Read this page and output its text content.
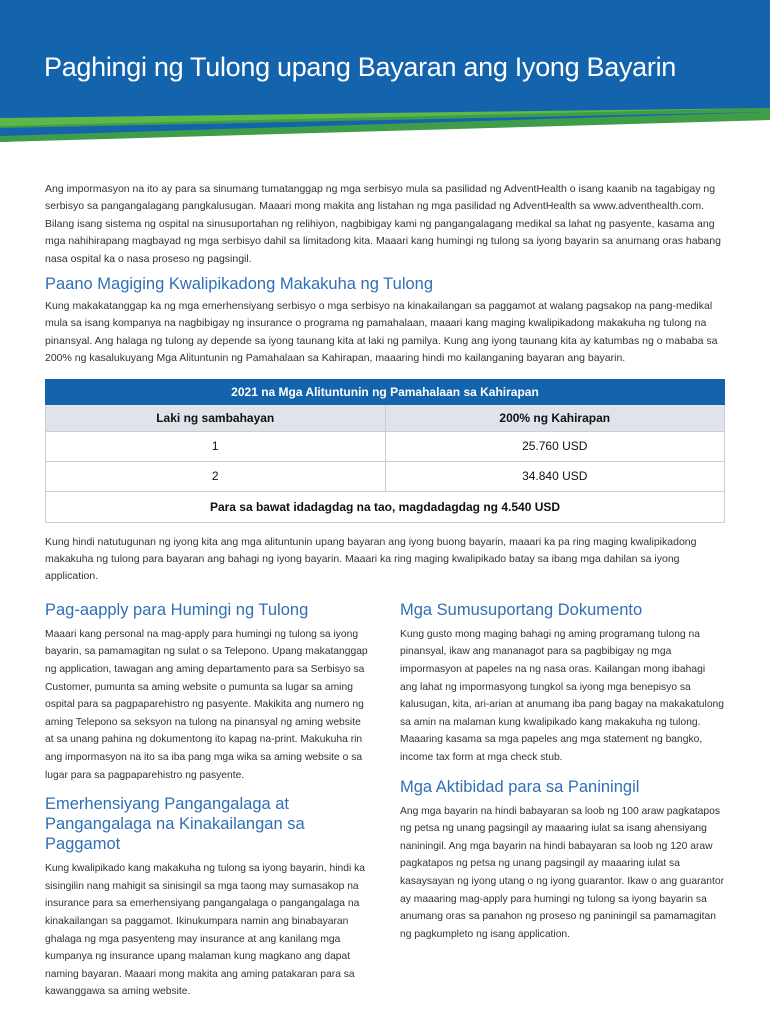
Paghingi ng Tulong upang Bayaran ang Iyong Bayarin

Ang impormasyon na ito ay para sa sinumang tumatanggap ng mga serbisyo mula sa pasilidad ng AdventHealth o isang kaanib na tagabigay ng serbisyo sa pangangalagang pangkalusugan. Maaari mong makita ang listahan ng mga pasilidad ng AdventHealth sa www.adventhealth.com. Bilang isang sistema ng ospital na sinusuportahan ng relihiyon, nagbibigay kami ng pangangalagang medikal sa lahat ng pasyente, kasama ang mga nahihirapang magbayad ng mga serbisyo dahil sa limitadong kita. Maaari kang humingi ng tulong sa iyong bayarin sa anumang oras habang nasa ospital ka o nasa proseso ng pagsingil.

Paano Magiging Kwalipikadong Makakuha ng Tulong

Kung makakatanggap ka ng mga emerhensiyang serbisyo o mga serbisyo na kinakailangan sa paggamot at walang pagsakop na pang-medikal mula sa isang kompanya na nagbibigay ng insurance o programa ng pamahalaan, maaari kang maging kwalipikadong makakuha ng tulong na pinansyal. Ang halaga ng tulong ay depende sa iyong taunang kita at laki ng pamilya. Kung ang iyong taunang kita ay katumbas ng o mababa sa 200% ng kasalukuyang Mga Alituntunin ng Pamahalaan sa Kahirapan, maaaring hindi mo kailanganing bayaran ang bayarin.

2021 na Mga Alituntunin ng Pamahalaan sa Kahirapan	
Laki ng sambahayan	200% ng Kahirapan
1	25.760 USD
2	34.840 USD
Para sa bawat idadagdag na tao, magdadagdag ng 4.540 USD	

Kung hindi natutugunan ng iyong kita ang mga alituntunin upang bayaran ang iyong buong bayarin, maaari ka pa ring maging kwalipikadong makakuha ng tulong para bayaran ang bahagi ng iyong bayarin. Maaari ka ring maging kwalipikado batay sa ibang mga dahilan sa iyong application.

Pag-aapply para Humingi ng Tulong

Maaari kang personal na mag-apply para humingi ng tulong sa iyong bayarin, sa pamamagitan ng sulat o sa Telepono. Upang makatanggap ng application, tawagan ang aming departamento para sa Serbisyo sa Customer, pumunta sa aming website o pumunta sa lugar sa aming ospital para sa pagpaparehistro ng pasyente. Makikita ang numero ng aming Telepono sa seksyon na tulong na pinansyal ng aming website at sa unang pahina ng dokumentong ito kapag na-print. Makukuha rin ang impormasyon na ito sa iba pang mga wika sa aming website o sa lugar para sa pagpaparehistro ng pasyente.

Emerhensiyang Pangangalaga at Pangangalaga na Kinakailangan sa Paggamot

Kung kwalipikado kang makakuha ng tulong sa iyong bayarin, hindi ka sisingilin nang mahigit sa sinisingil sa mga taong may sumasakop na insurance para sa emerhensiyang pangangalaga o pangangalaga na kinakailangan sa paggamot. Ikinukumpara namin ang binabayaran ghalaga ng mga pasyenteng may insurance at ang kanilang mga kumpanya ng insurance upang malaman kung magkano ang dapat naming bayaran. Maaari mong makita ang aming patakaran para sa kawanggawa sa aming website.

Mga Sumusuportang Dokumento

Kung gusto mong maging bahagi ng aming programang tulong na pinansyal, ikaw ang mananagot para sa pagbibigay ng mga impormasyon at papeles na ng nasa oras. Kailangan mong ibahagi ang lahat ng impormasyong tungkol sa iyong mga benepisyo sa kalusugan, kita, ari-arian at anumang iba pang bagay na makakatulong sa amin na malaman kung kwalipikado kang makakuha ng tulong. Maaaring kasama sa mga papeles ang mga statement ng bangko, income tax form at mga check stub.

Mga Aktibidad para sa Paniningil

Ang mga bayarin na hindi babayaran sa loob ng 100 araw pagkatapos ng petsa ng unang pagsingil ay maaaring iulat sa isang ahensiyang naniningil. Ang mga bayarin na hindi babayaran sa loob ng 120 araw pagkatapos ng petsa ng unang pagsingil ay maaaring iulat sa kasaysayan ng iyong utang o ng iyong guarantor. Ikaw o ang guarantor ay maaaring mag-apply para humingi ng tulong sa iyong bayarin sa anumang oras sa panahon ng proseso ng paniningil sa pamamagitan ng pagkumpleto ng isang application.
